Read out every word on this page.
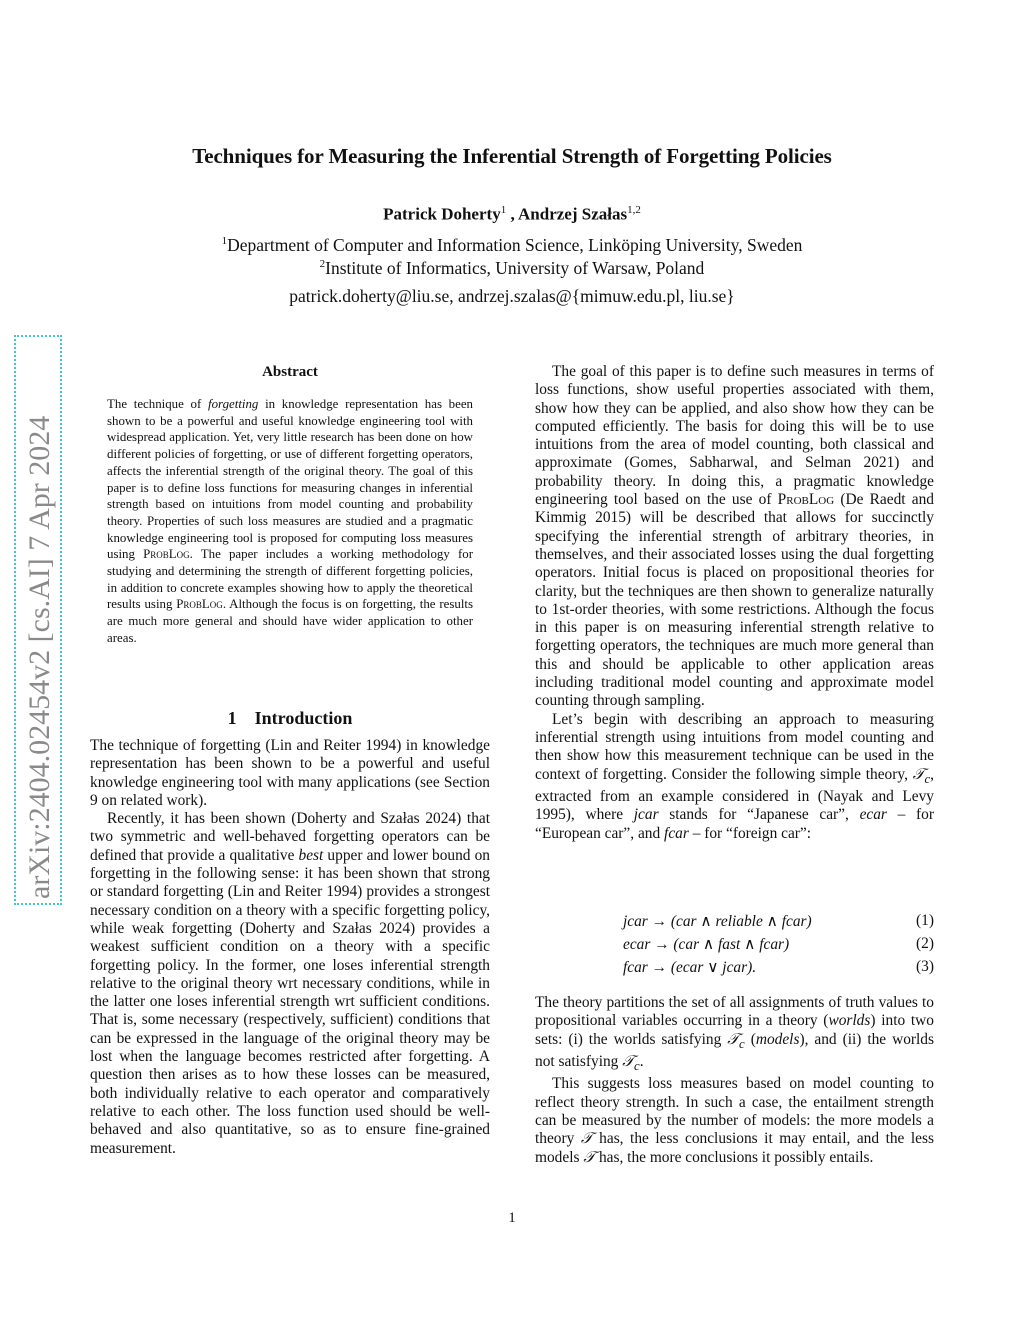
Techniques for Measuring the Inferential Strength of Forgetting Policies
Patrick Doherty$^1$ , Andrzej Szałas$^{1,2}$
$^1$Department of Computer and Information Science, Linköping University, Sweden
$^2$Institute of Informatics, University of Warsaw, Poland
patrick.doherty@liu.se, andrzej.szalas@{mimuw.edu.pl, liu.se}
arXiv:2404.02454v2 [cs.AI] 7 Apr 2024
Abstract

The technique of forgetting in knowledge representation has been shown to be a powerful and useful knowledge engineering tool with widespread application. Yet, very little research has been done on how different policies of forgetting, or use of different forgetting operators, affects the inferential strength of the original theory. The goal of this paper is to define loss functions for measuring changes in inferential strength based on intuitions from model counting and probability theory. Properties of such loss measures are studied and a pragmatic knowledge engineering tool is proposed for computing loss measures using ProbLog. The paper includes a working methodology for studying and determining the strength of different forgetting policies, in addition to concrete examples showing how to apply the theoretical results using ProbLog. Although the focus is on forgetting, the results are much more general and should have wider application to other areas.

1    Introduction

The technique of forgetting (Lin and Reiter 1994) in knowledge representation has been shown to be a powerful and useful knowledge engineering tool with many applications (see Section 9 on related work).

Recently, it has been shown (Doherty and Szałas 2024) that two symmetric and well-behaved forgetting operators can be defined that provide a qualitative best upper and lower bound on forgetting in the following sense: it has been shown that strong or standard forgetting (Lin and Reiter 1994) provides a strongest necessary condition on a theory with a specific forgetting policy, while weak forgetting (Doherty and Szałas 2024) provides a weakest sufficient condition on a theory with a specific forgetting policy. In the former, one loses inferential strength relative to the original theory wrt necessary conditions, while in the latter one loses inferential strength wrt sufficient conditions. That is, some necessary (respectively, sufficient) conditions that can be expressed in the language of the original theory may be lost when the language becomes restricted after forgetting. A question then arises as to how these losses can be measured, both individually relative to each operator and comparatively relative to each other. The loss function used should be well-behaved and also quantitative, so as to ensure fine-grained measurement.

The goal of this paper is to define such measures in terms of loss functions, show useful properties associated with them, show how they can be applied, and also show how they can be computed efficiently. The basis for doing this will be to use intuitions from the area of model counting, both classical and approximate (Gomes, Sabharwal, and Selman 2021) and probability theory. In doing this, a pragmatic knowledge engineering tool based on the use of ProbLog (De Raedt and Kimmig 2015) will be described that allows for succinctly specifying the inferential strength of arbitrary theories, in themselves, and their associated losses using the dual forgetting operators. Initial focus is placed on propositional theories for clarity, but the techniques are then shown to generalize naturally to 1st-order theories, with some restrictions. Although the focus in this paper is on measuring inferential strength relative to forgetting operators, the techniques are much more general than this and should be applicable to other application areas including traditional model counting and approximate model counting through sampling.

Let’s begin with describing an approach to measuring inferential strength using intuitions from model counting and then show how this measurement technique can be used in the context of forgetting. Consider the following simple theory, 𝒯$_c$, extracted from an example considered in (Nayak and Levy 1995), where jcar stands for “Japanese car”, ecar – for “European car”, and fcar – for “foreign car”:

jcar → (car ∧ reliable ∧ fcar)	(1)
ecar → (car ∧ fast ∧ fcar)	(2)
fcar → (ecar ∨ jcar).	(3)

The theory partitions the set of all assignments of truth values to propositional variables occurring in a theory (worlds) into two sets: (i) the worlds satisfying 𝒯$_c$ (models), and (ii) the worlds not satisfying 𝒯$_c$.

This suggests loss measures based on model counting to reflect theory strength. In such a case, the entailment strength can be measured by the number of models: the more models a theory 𝒯 has, the less conclusions it may entail, and the less models 𝒯 has, the more conclusions it possibly entails.

1
